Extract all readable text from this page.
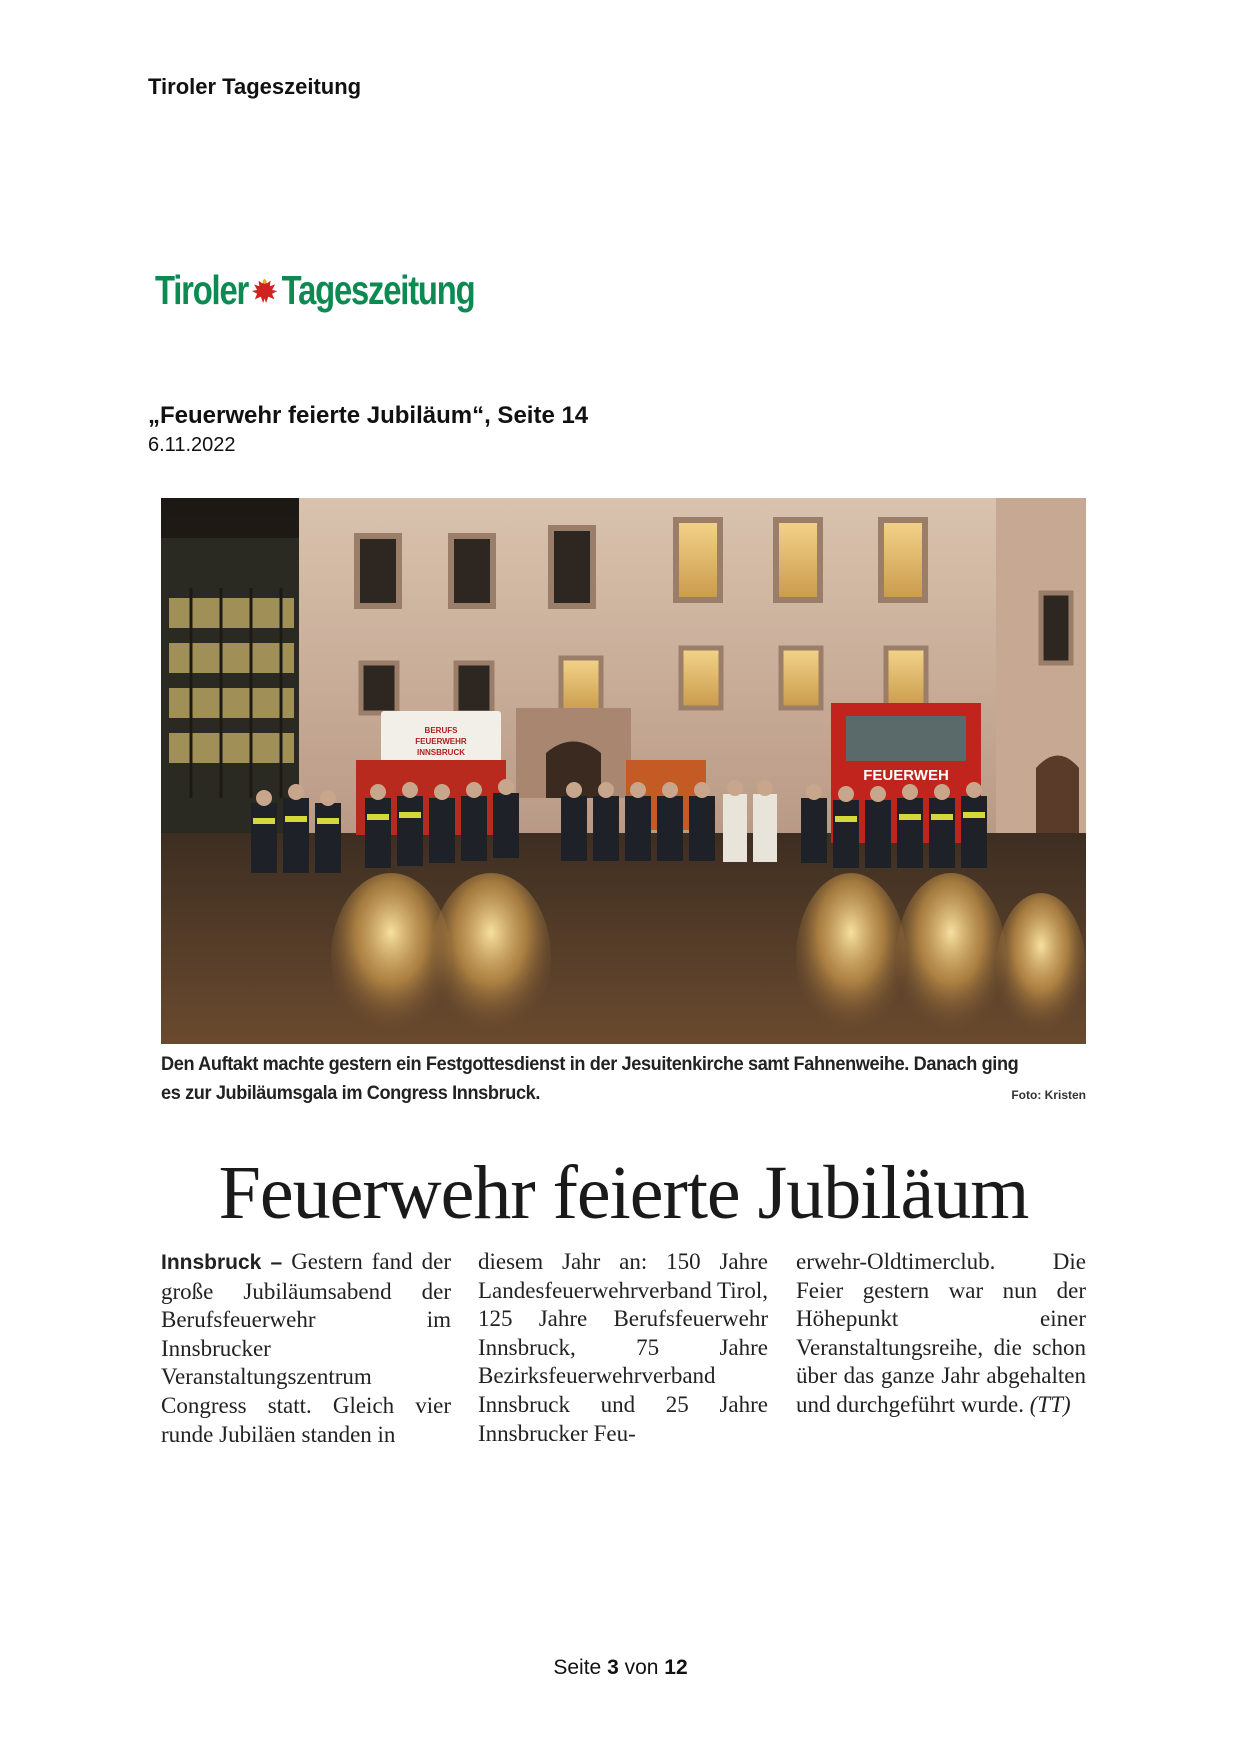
Tiroler Tageszeitung
Tiroler Tageszeitung
„Feuerwehr feierte Jubiläum“, Seite 14
6.11.2022
BERUFS
FEUERWEHR
INNSBRUCK
FEUERWEH
Den Auftakt machte gestern ein Festgottesdienst in der Jesuitenkirche samt Fahnenweihe. Danach ging es zur Jubiläumsgala im Congress Innsbruck.	Foto: Kristen
Feuerwehr feierte Jubiläum
Innsbruck – Gestern fand der große Jubiläumsabend der Berufsfeuerwehr im Innsbrucker Veranstaltungszentrum Congress statt. Gleich vier runde Jubiläen standen in
diesem Jahr an: 150 Jahre Landesfeuerwehrverband Tirol, 125 Jahre Berufsfeuerwehr Innsbruck, 75 Jahre Bezirksfeuerwehrverband Innsbruck und 25 Jahre Innsbrucker Feu-
erwehr-Oldtimerclub. Die Feier gestern war nun der Höhepunkt einer Veranstaltungsreihe, die schon über das ganze Jahr abgehalten und durchgeführt wurde. (TT)
Seite 3 von 12
